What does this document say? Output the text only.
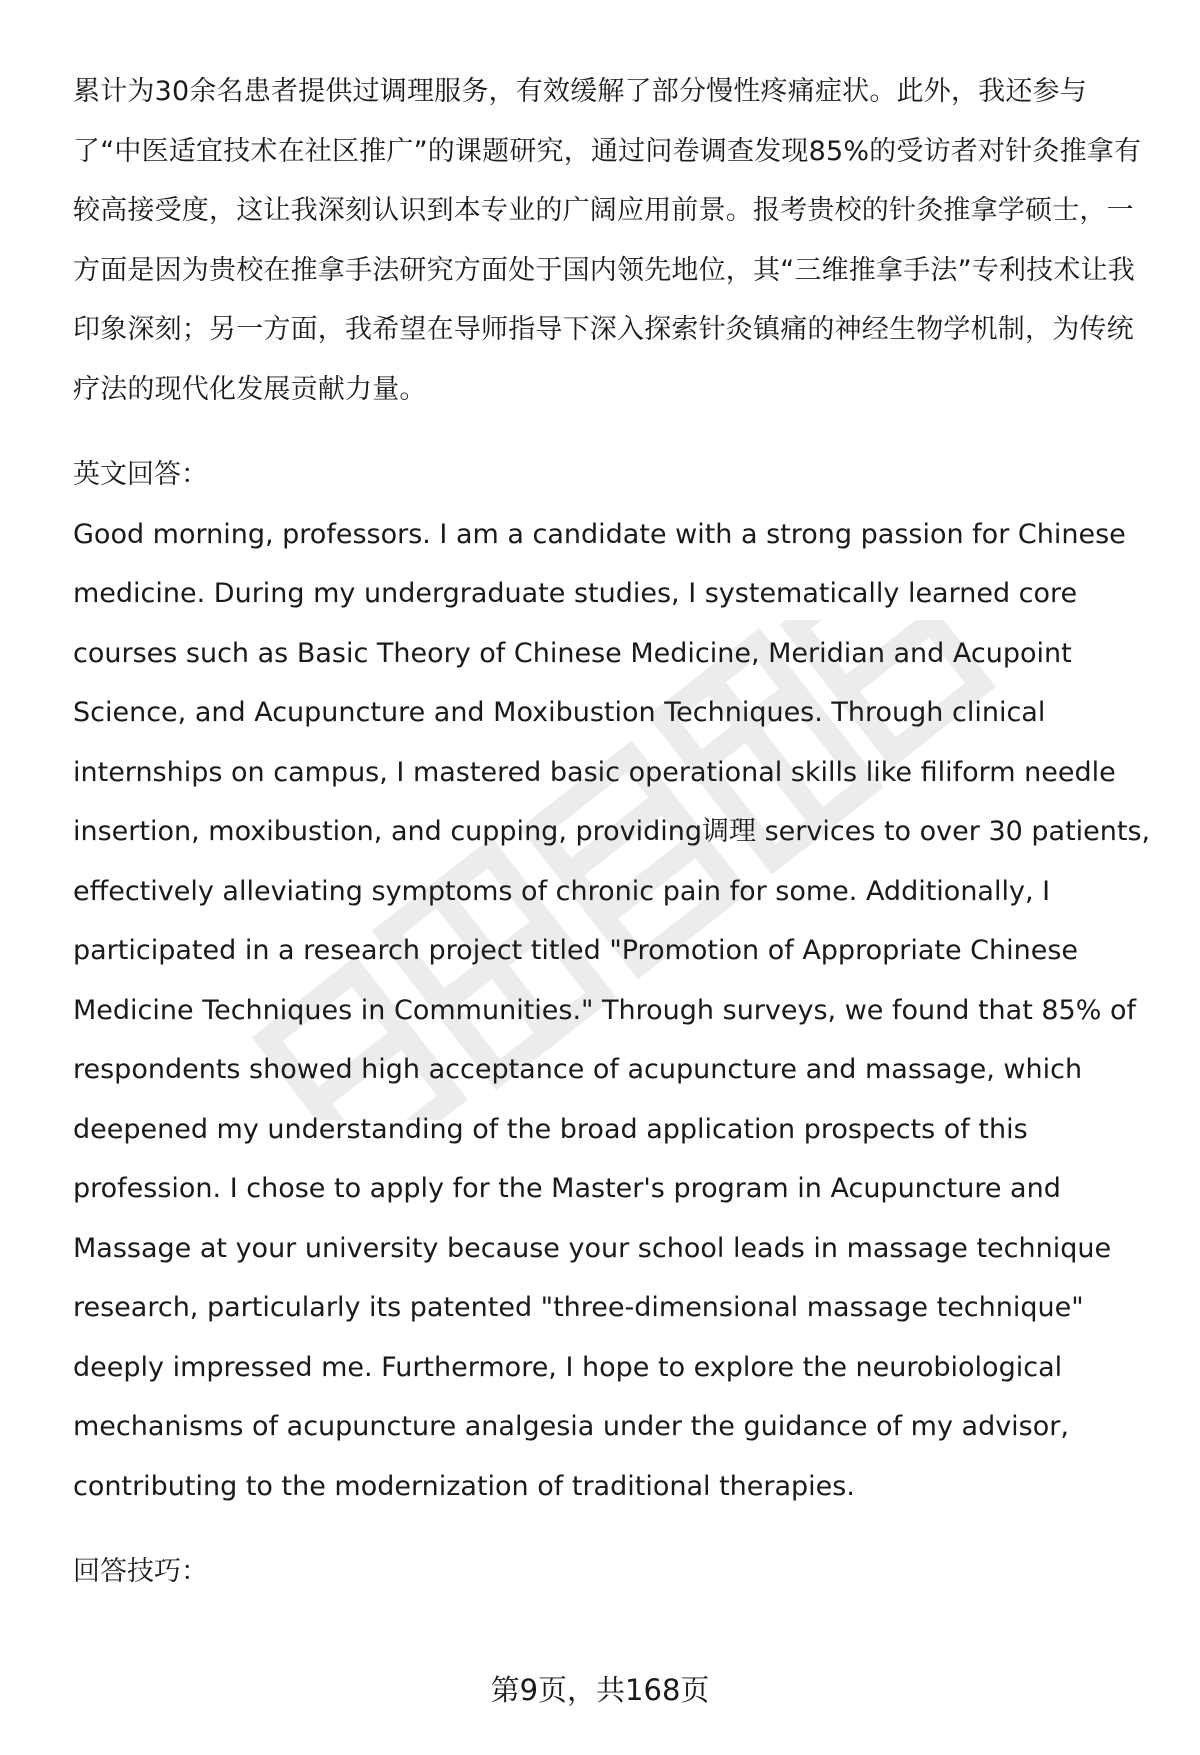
累计为30余名患者提供过调理服务，有效缓解了部分慢性疼痛症状。此外，我还参与了“中医适宜技术在社区推广”的课题研究，通过问卷调查发现85%的受访者对针灸推拿有较高接受度，这让我深刻认识到本专业的广阔应用前景。报考贵校的针灸推拿学硕士，一方面是因为贵校在推拿手法研究方面处于国内领先地位，其“三维推拿手法”专利技术让我印象深刻；另一方面，我希望在导师指导下深入探索针灸镇痛的神经生物学机制，为传统疗法的现代化发展贡献力量。

英文回答：

Good morning, professors. I am a candidate with a strong passion for Chinese medicine. During my undergraduate studies, I systematically learned core courses such as Basic Theory of Chinese Medicine, Meridian and Acupoint Science, and Acupuncture and Moxibustion Techniques. Through clinical internships on campus, I mastered basic operational skills like filiform needle insertion, moxibustion, and cupping, providing调理 services to over 30 patients, effectively alleviating symptoms of chronic pain for some. Additionally, I participated in a research project titled "Promotion of Appropriate Chinese Medicine Techniques in Communities." Through surveys, we found that 85% of respondents showed high acceptance of acupuncture and massage, which deepened my understanding of the broad application prospects of this profession. I chose to apply for the Master's program in Acupuncture and Massage at your university because your school leads in massage technique research, particularly its patented "three-dimensional massage technique" deeply impressed me. Furthermore, I hope to explore the neurobiological mechanisms of acupuncture analgesia under the guidance of my advisor, contributing to the modernization of traditional therapies.

回答技巧：

第9页，共168页
